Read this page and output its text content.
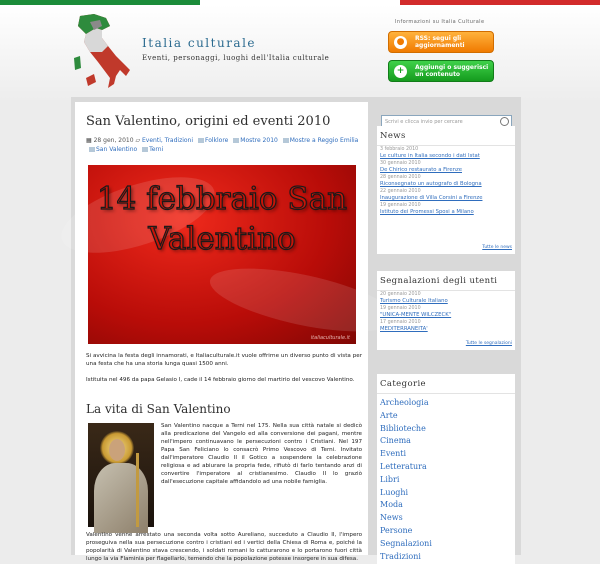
Italia culturale
Eventi, personaggi, luoghi dell'Italia culturale
Informazioni su Italia Culturale
●	RSS: segui gli aggiornamenti
+	Aggiungi o suggerisci un contenuto
San Valentino, origini ed eventi 2010
▦ 28 gen, 2010 ▱ Eventi, Tradizioni Folklore Mostre 2010 Mostre a Reggio Emilia San Valentino Terni
14 febbraio San Valentino
italiaculturale.it
Si avvicina la festa degli innamorati, e Italiaculturale.it vuole offrirne un diverso punto di vista per una festa che ha una storia lunga quasi 1500 anni.
Istituita nel 496 da papa Gelasio I, cade il 14 febbraio giorno del martirio del vescovo Valentino.
La vita di San Valentino
San Valentino nacque a Terni nel 175. Nella sua città natale si dedicò alla predicazione del Vangelo ed alla conversione dei pagani, mentre nell'impero continuavano le persecuzioni contro i Cristiani. Nel 197 Papa San Feliciano lo consacrò Primo Vescovo di Terni. Invitato dall'imperatore Claudio II il Gotico a sospendere la celebrazione religiosa e ad abiurare la propria fede, rifiutò di farlo tentando anzi di convertire l'imperatore al cristianesimo. Claudio II lo graziò dall'esecuzione capitale affidandolo ad una nobile famiglia.
Valentino venne arrestato una seconda volta sotto Aureliano, succeduto a Claudio II, l'impero proseguiva nella sua persecuzione contro i cristiani ed i vertici della Chiesa di Roma e, poiché la popolarità di Valentino stava crescendo, i soldati romani lo catturarono e lo portarono fuori città lungo la via Flaminia per flagellarlo, temendo che la popolazione potesse insorgere in sua difesa.
Scrivi e clicca invio per cercare
News
3 febbraio 2010
Le culture in Italia secondo i dati Istat
30 gennaio 2010
De Chirico restaurato a Firenze
28 gennaio 2010
Riconsegnato un autografo di Bologna
22 gennaio 2010
Inaugurazione di Villa Corsini a Firenze
19 gennaio 2010
Istituto dei Promessi Sposi a Milano
Tutte le news
Segnalazioni degli utenti
20 gennaio 2010
Turismo Culturale Italiano
19 gennaio 2010
"UNICA-MENTE WILCZECK"
17 gennaio 2010
MEDITERRANEITA'
Tutte le segnalazioni
Categorie
Archeologia
Arte
Biblioteche
Cinema
Eventi
Letteratura
Libri
Luoghi
Moda
News
Persone
Segnalazioni
Tradizioni
